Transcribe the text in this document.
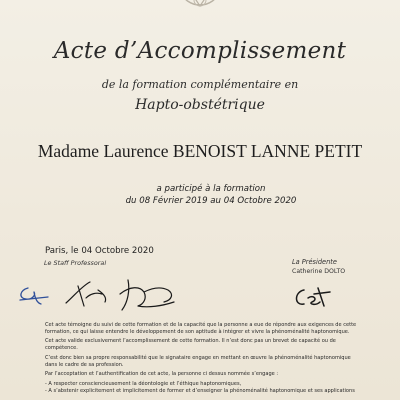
Acte d’Accomplissement
de la formation complémentaire en
Hapto-obstétrique
Madame Laurence BENOIST LANNE PETIT
a participé à la formation
du 08 Février 2019 au 04 Octobre 2020
Paris, le 04 Octobre 2020
Le Staff Professoral	La Présidente
Catherine DOLTO

Cet acte témoigne du suivi de cette formation et de la capacité que la personne a eue de répondre aux exigences de cette formation, ce qui laisse entendre le développement de son aptitude à intégrer et vivre la phénoménalité haptonomique.

Cet acte valide exclusivement l’accomplissement de cette formation. Il n’est donc pas un brevet de capacité ou de compétence.

C’est donc bien sa propre responsabilité que le signataire engage en mettant en œuvre la phénoménalité haptonomique dans le cadre de sa profession.

Par l’acceptation et l’authentification de cet acte, la personne ci dessus nommée s’engage :

- A respecter consciencieusement la déontologie et l’éthique haptonomiques,

- A s’abstenir explicitement et implicitement de former et d’enseigner la phénoménalité haptonomique et ses applications
